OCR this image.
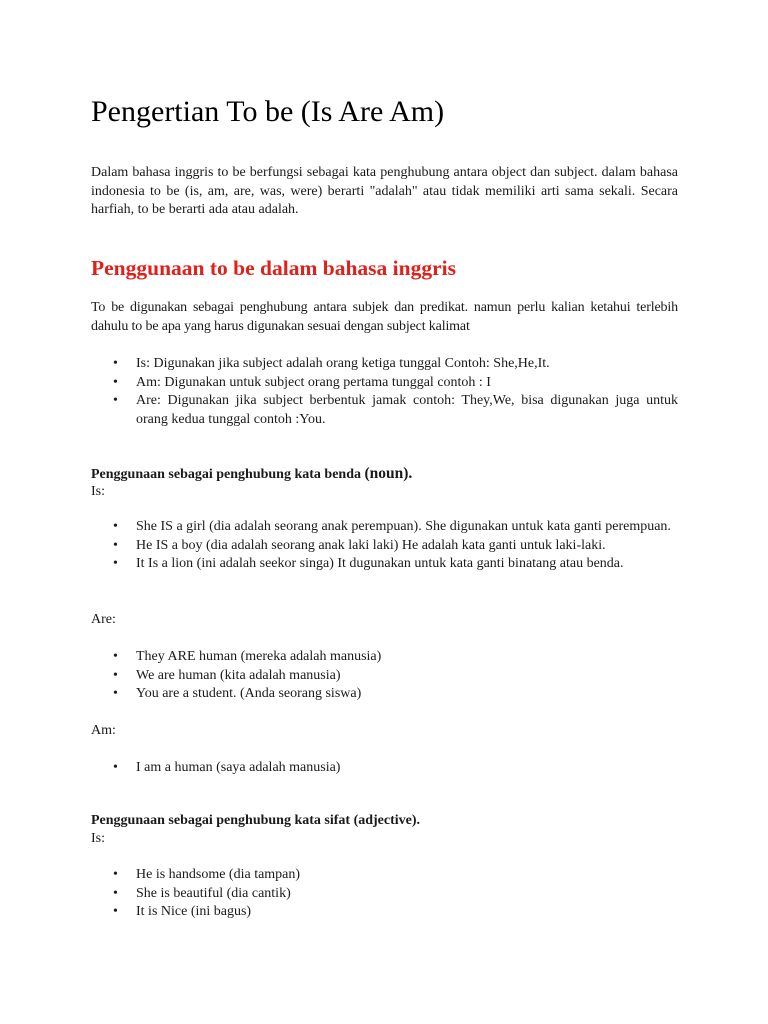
Pengertian To be (Is Are Am)

Dalam bahasa inggris to be berfungsi sebagai kata penghubung antara object dan subject. dalam bahasa indonesia to be (is, am, are, was, were) berarti "adalah" atau tidak memiliki arti sama sekali. Secara harfiah, to be berarti ada atau adalah.

Penggunaan to be dalam bahasa inggris

To be digunakan sebagai penghubung antara subjek dan predikat. namun perlu kalian ketahui terlebih dahulu to be apa yang harus digunakan sesuai dengan subject kalimat

• Is: Digunakan jika subject adalah orang ketiga tunggal Contoh: She,He,It.
• Am: Digunakan untuk subject orang pertama tunggal contoh : I
• Are: Digunakan jika subject berbentuk jamak contoh: They,We, bisa digunakan juga untuk orang kedua tunggal contoh :You.

Penggunaan sebagai penghubung kata benda (noun).

Is:

• She IS a girl (dia adalah seorang anak perempuan). She digunakan untuk kata ganti perempuan.
• He IS a boy (dia adalah seorang anak laki laki) He adalah kata ganti untuk laki-laki.
• It Is a lion (ini adalah seekor singa) It dugunakan untuk kata ganti binatang atau benda.

Are:

• They ARE human (mereka adalah manusia)
• We are human (kita adalah manusia)
• You are a student. (Anda seorang siswa)

Am:

• I am a human (saya adalah manusia)

Penggunaan sebagai penghubung kata sifat (adjective).

Is:

• He is handsome (dia tampan)
• She is beautiful (dia cantik)
• It is Nice (ini bagus)
